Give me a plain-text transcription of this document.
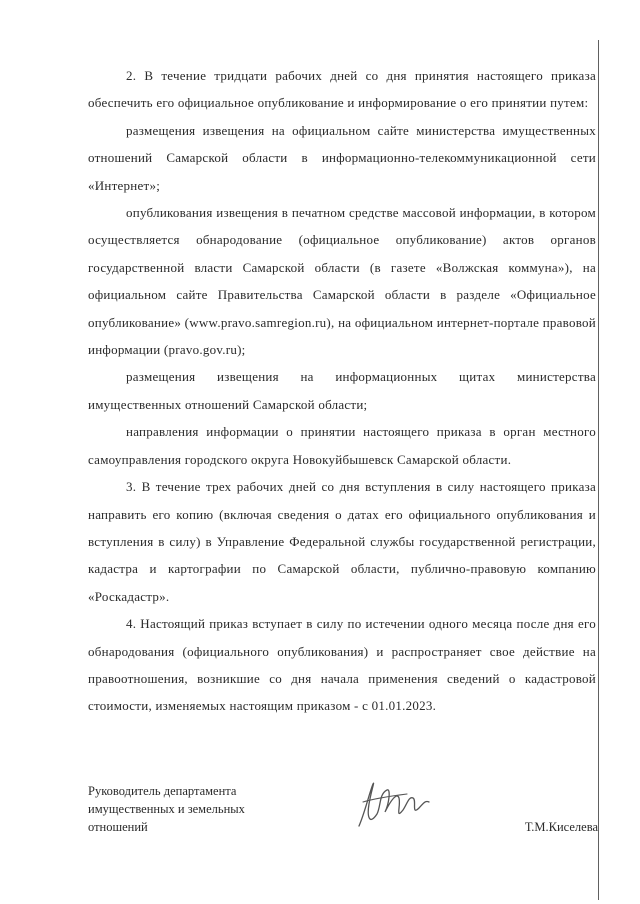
2. В течение тридцати рабочих дней со дня принятия настоящего приказа обеспечить его официальное опубликование и информирование о его принятии путем:

размещения извещения на официальном сайте министерства имущественных отношений Самарской области в информационно-телекоммуникационной сети «Интернет»;

опубликования извещения в печатном средстве массовой информации, в котором осуществляется обнародование (официальное опубликование) актов органов государственной власти Самарской области (в газете «Волжская коммуна»), на официальном сайте Правительства Самарской области в разделе «Официальное опубликование» (www.pravo.samregion.ru), на официальном интернет-портале правовой информации (pravo.gov.ru);

размещения извещения на информационных щитах министерства имущественных отношений Самарской области;

направления информации о принятии настоящего приказа в орган местного самоуправления городского округа Новокуйбышевск Самарской области.

3. В течение трех рабочих дней со дня вступления в силу настоящего приказа направить его копию (включая сведения о датах его официального опубликования и вступления в силу) в Управление Федеральной службы государственной регистрации, кадастра и картографии по Самарской области, публично-правовую компанию «Роскадастр».

4. Настоящий приказ вступает в силу по истечении одного месяца после дня его обнародования (официального опубликования) и распространяет свое действие на правоотношения, возникшие со дня начала применения сведений о кадастровой стоимости, изменяемых настоящим приказом - с 01.01.2023.

Руководитель департамента
имущественных и земельных
отношений	Т.М.Киселева
